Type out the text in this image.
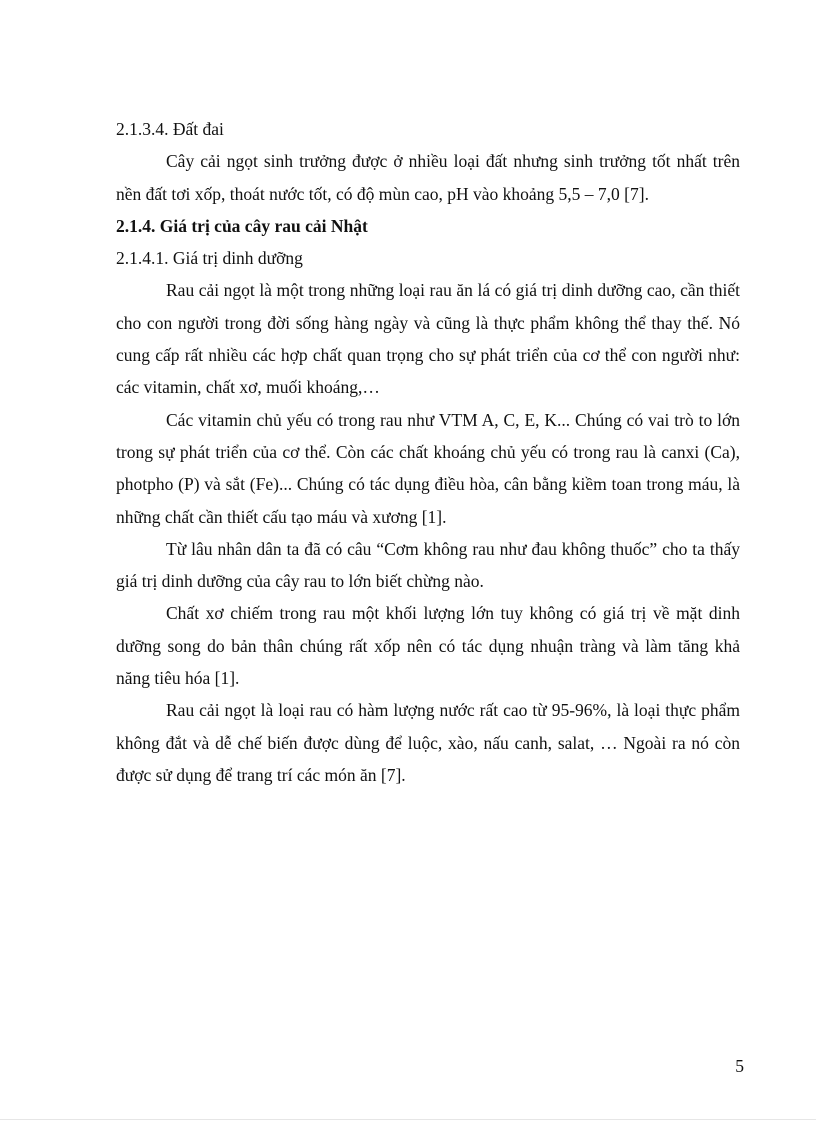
2.1.3.4. Đất đai

Cây cải ngọt sinh trưởng được ở nhiều loại đất nhưng sinh trưởng tốt nhất trên nền đất tơi xốp, thoát nước tốt, có độ mùn cao, pH vào khoảng 5,5 – 7,0 [7].

2.1.4. Giá trị của cây rau cải Nhật

2.1.4.1. Giá trị dinh dưỡng

Rau cải ngọt là một trong những loại rau ăn lá có giá trị dinh dưỡng cao, cần thiết cho con người trong đời sống hàng ngày và cũng là thực phẩm không thể thay thế. Nó cung cấp rất nhiều các hợp chất quan trọng cho sự phát triển của cơ thể con người như: các vitamin, chất xơ, muối khoáng,…

Các vitamin chủ yếu có trong rau như VTM A, C, E, K... Chúng có vai trò to lớn trong sự phát triển của cơ thể. Còn các chất khoáng chủ yếu có trong rau là canxi (Ca), photpho (P) và sắt (Fe)... Chúng có tác dụng điều hòa, cân bằng kiềm toan trong máu, là những chất cần thiết cấu tạo máu và xương [1].

Từ lâu nhân dân ta đã có câu “Cơm không rau như đau không thuốc” cho ta thấy giá trị dinh dưỡng của cây rau to lớn biết chừng nào.

Chất xơ chiếm trong rau một khối lượng lớn tuy không có giá trị về mặt dinh dưỡng song do bản thân chúng rất xốp nên có tác dụng nhuận tràng và làm tăng khả năng tiêu hóa [1].

Rau cải ngọt là loại rau có hàm lượng nước rất cao từ 95-96%, là loại thực phẩm không đắt và dễ chế biến được dùng để luộc, xào, nấu canh, salat, … Ngoài ra nó còn được sử dụng để trang trí các món ăn [7].

5
